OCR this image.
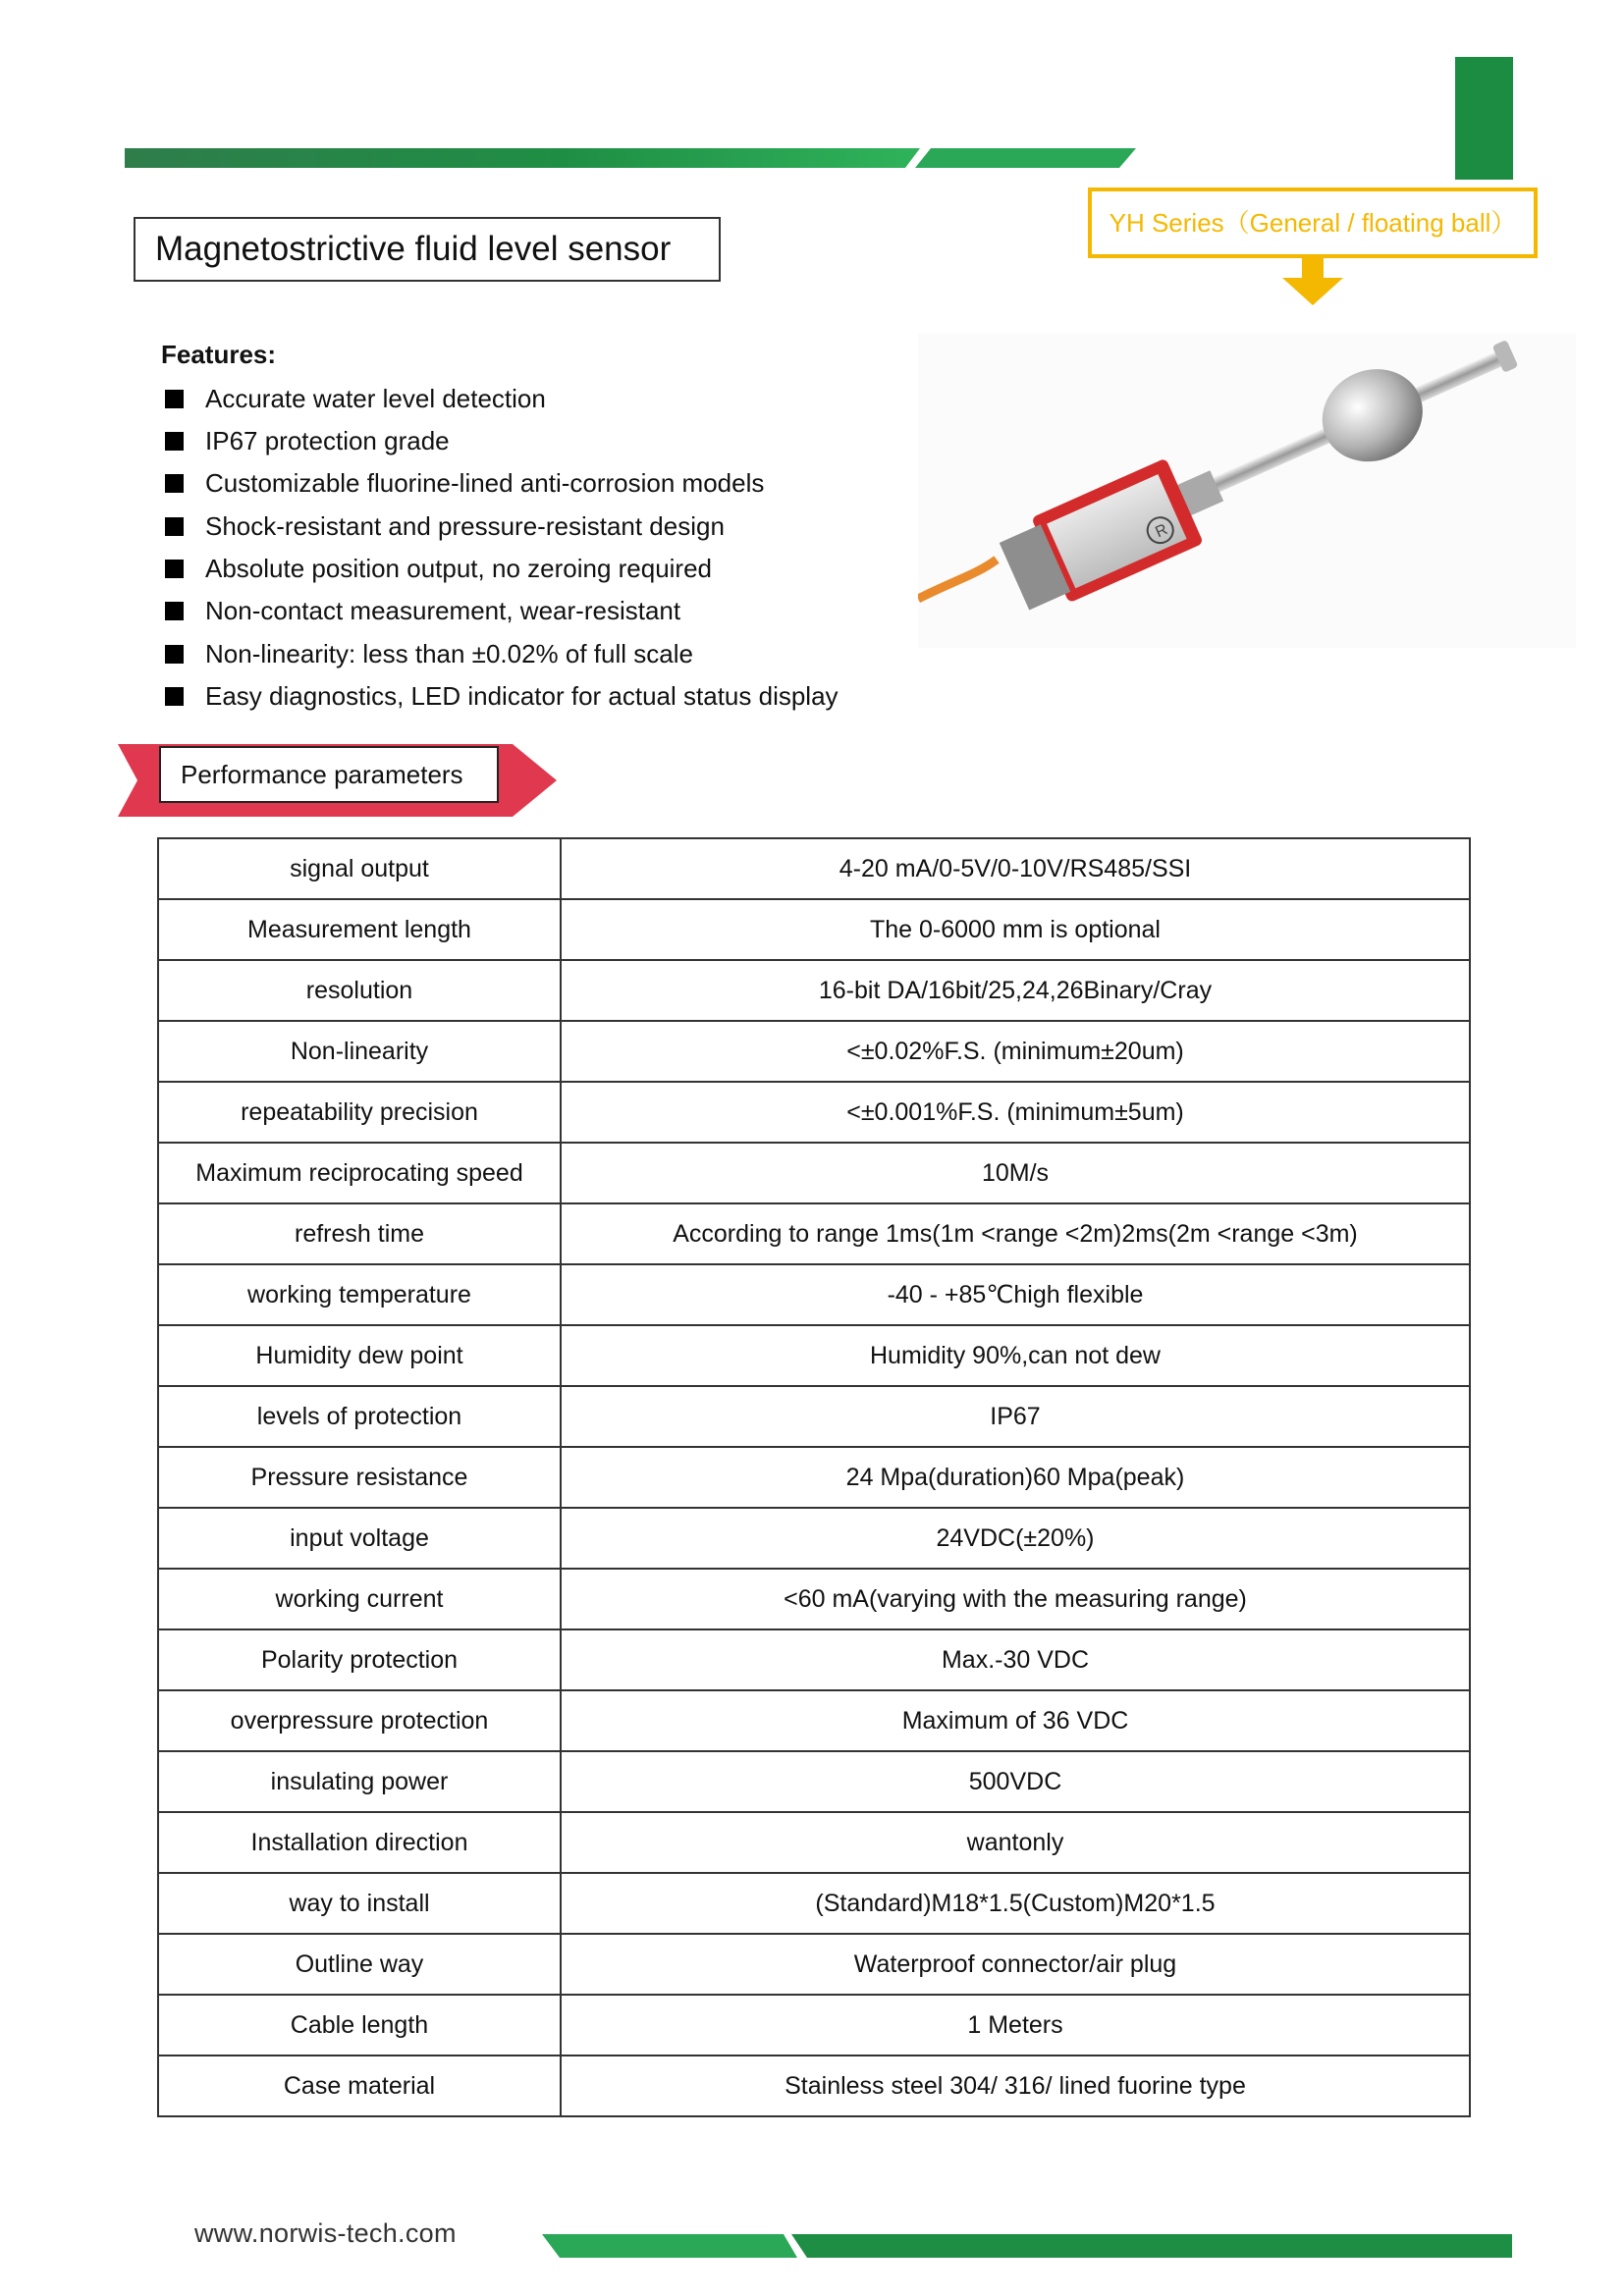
Magnetostrictive fluid level sensor
YH Series（General / floating ball）
Features:
Accurate water level detection
IP67 protection grade
Customizable fluorine-lined anti-corrosion models
Shock-resistant and pressure-resistant design
Absolute position output, no zeroing required
Non-contact measurement, wear-resistant
Non-linearity: less than ±0.02% of full scale
Easy diagnostics, LED indicator for actual status display
R
Performance parameters
signal output	4-20 mA/0-5V/0-10V/RS485/SSI
Measurement length	The 0-6000 mm is optional
resolution	16-bit DA/16bit/25,24,26Binary/Cray
Non-linearity	<±0.02%F.S. (minimum±20um)
repeatability precision	<±0.001%F.S. (minimum±5um)
Maximum reciprocating speed	10M/s
refresh time	According to range 1ms(1m <range <2m)2ms(2m <range <3m)
working temperature	-40 - +85℃high flexible
Humidity dew point	Humidity 90%,can not dew
levels of protection	IP67
Pressure resistance	24 Mpa(duration)60 Mpa(peak)
input voltage	24VDC(±20%)
working current	<60 mA(varying with the measuring range)
Polarity protection	Max.-30 VDC
overpressure protection	Maximum of 36 VDC
insulating power	500VDC
Installation direction	wantonly
way to install	(Standard)M18*1.5(Custom)M20*1.5
Outline way	Waterproof connector/air plug
Cable length	1 Meters
Case material	Stainless steel 304/ 316/ lined fuorine type
www.norwis-tech.com
